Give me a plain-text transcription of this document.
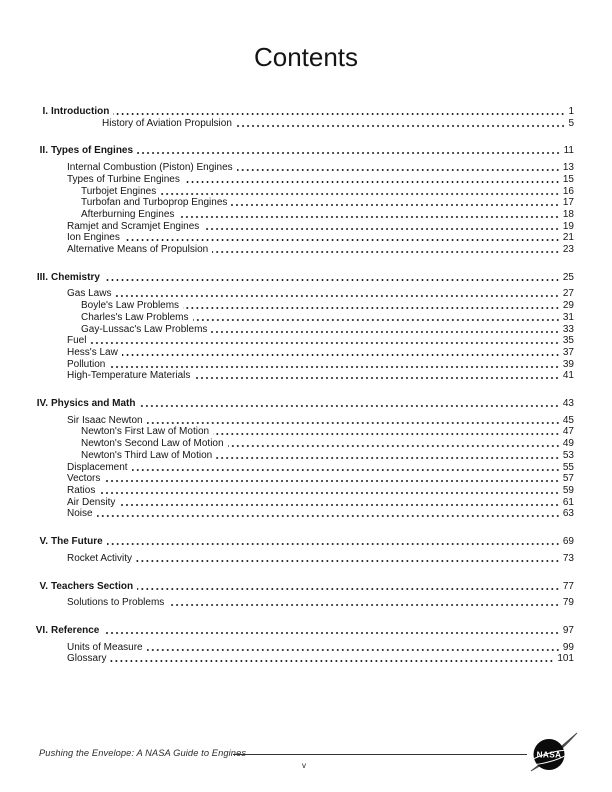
Contents
I. Introduction	1
History of Aviation Propulsion	5
II. Types of Engines	11
Internal Combustion (Piston) Engines	13
Types of Turbine Engines	15
Turbojet Engines	16
Turbofan and Turboprop Engines	17
Afterburning Engines	18
Ramjet and Scramjet Engines	19
Ion Engines	21
Alternative Means of Propulsion	23
III. Chemistry	25
Gas Laws	27
Boyle's Law Problems	29
Charles's Law Problems	31
Gay-Lussac's Law Problems	33
Fuel	35
Hess's Law	37
Pollution	39
High-Temperature Materials	41
IV. Physics and Math	43
Sir Isaac Newton	45
Newton's First Law of Motion	47
Newton's Second Law of Motion	49
Newton's Third Law of Motion	53
Displacement	55
Vectors	57
Ratios	59
Air Density	61
Noise	63
V. The Future	69
Rocket Activity	73
V. Teachers Section	77
Solutions to Problems	79
VI. Reference	97
Units of Measure	99
Glossary	101
Pushing the Envelope: A NASA Guide to Engines
v
NASA
